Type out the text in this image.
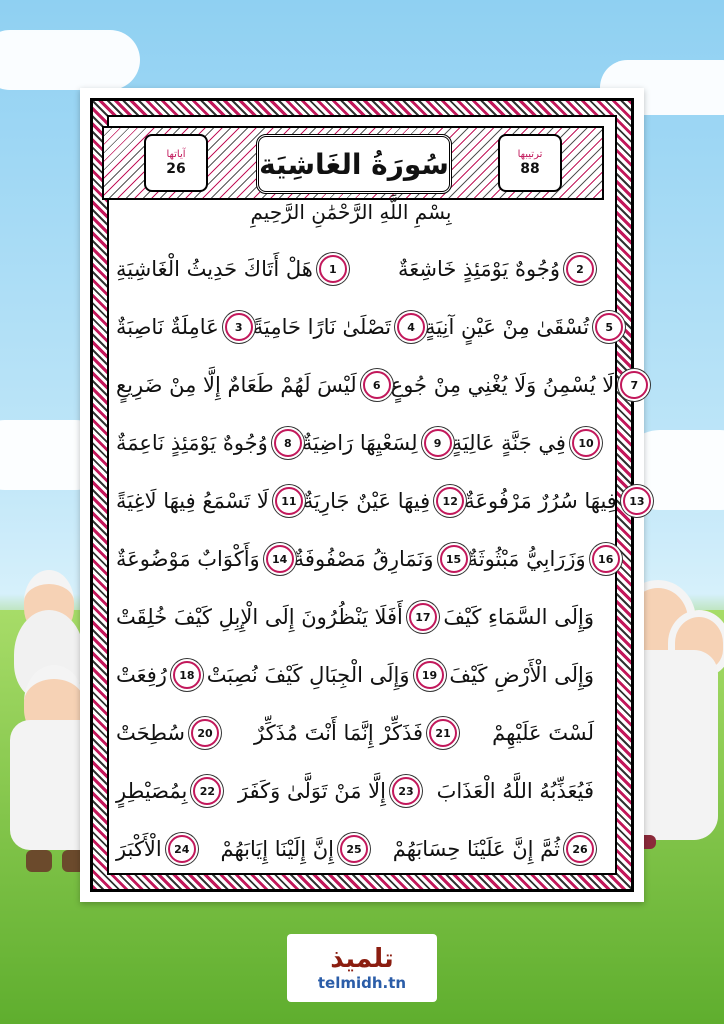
آياتها
26	سُورَةُ الغَاشِيَة	ترتيبها
88
بِسْمِ اللَّهِ الرَّحْمَٰنِ الرَّحِيمِ
هَلْ أَتَاكَ حَدِيثُ الْغَاشِيَةِ	1	وُجُوهٌ يَوْمَئِذٍ خَاشِعَةٌ	2
عَامِلَةٌ نَاصِبَةٌ	3 تَصْلَىٰ نَارًا حَامِيَةً	4 تُسْقَىٰ مِنْ عَيْنٍ آنِيَةٍ	5
لَيْسَ لَهُمْ طَعَامٌ إِلَّا مِنْ ضَرِيعٍ	6 لَا يُسْمِنُ وَلَا يُغْنِي مِنْ جُوعٍ	7
وُجُوهٌ يَوْمَئِذٍ نَاعِمَةٌ	8 لِسَعْيِهَا رَاضِيَةٌ	9 فِي جَنَّةٍ عَالِيَةٍ	10
لَا تَسْمَعُ فِيهَا لَاغِيَةً	11 فِيهَا عَيْنٌ جَارِيَةٌ	12 فِيهَا سُرُرٌ مَرْفُوعَةٌ	13
وَأَكْوَابٌ مَوْضُوعَةٌ	14 وَنَمَارِقُ مَصْفُوفَةٌ	15 وَزَرَابِيُّ مَبْثُوثَةٌ	16
أَفَلَا يَنْظُرُونَ إِلَى الْإِبِلِ كَيْفَ خُلِقَتْ	17 وَإِلَى السَّمَاءِ كَيْفَ
رُفِعَتْ	18 وَإِلَى الْجِبَالِ كَيْفَ نُصِبَتْ	19 وَإِلَى الْأَرْضِ كَيْفَ
سُطِحَتْ	20	فَذَكِّرْ إِنَّمَا أَنْتَ مُذَكِّرٌ	21	لَسْتَ عَلَيْهِمْ
بِمُصَيْطِرٍ	22	إِلَّا مَنْ تَوَلَّىٰ وَكَفَرَ	23	فَيُعَذِّبُهُ اللَّهُ الْعَذَابَ
الْأَكْبَرَ	24	إِنَّ إِلَيْنَا إِيَابَهُمْ	25	ثُمَّ إِنَّ عَلَيْنَا حِسَابَهُمْ	26
تلميذ
telmidh.tn
